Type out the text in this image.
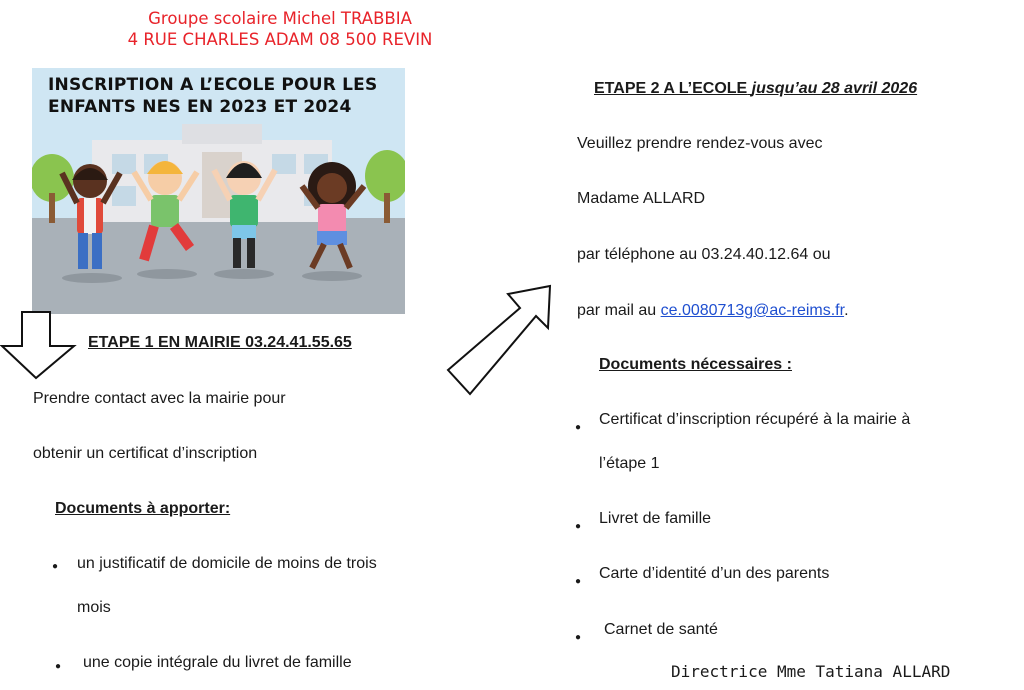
Groupe scolaire Michel TRABBIA
4 RUE CHARLES ADAM 08 500 REVIN
INSCRIPTION A L’ECOLE POUR LES
ENFANTS NES EN 2023 ET 2024
ETAPE 1 EN MAIRIE 03.24.41.55.65
Prendre contact avec la mairie pour
obtenir un certificat d’inscription
Documents à apporter:
● un justificatif de domicile de moins de trois
mois
● une copie intégrale du livret de famille
ETAPE 2 A L’ECOLE jusqu’au 28 avril 2026
Veuillez prendre rendez-vous avec
Madame ALLARD
par téléphone au 03.24.40.12.64 ou
par mail au ce.0080713g@ac-reims.fr.
Documents nécessaires :
● Certificat d’inscription récupéré à la mairie à
l’étape 1
● Livret de famille
● Carte d’identité d’un des parents
● Carnet de santé
Directrice Mme Tatiana ALLARD
